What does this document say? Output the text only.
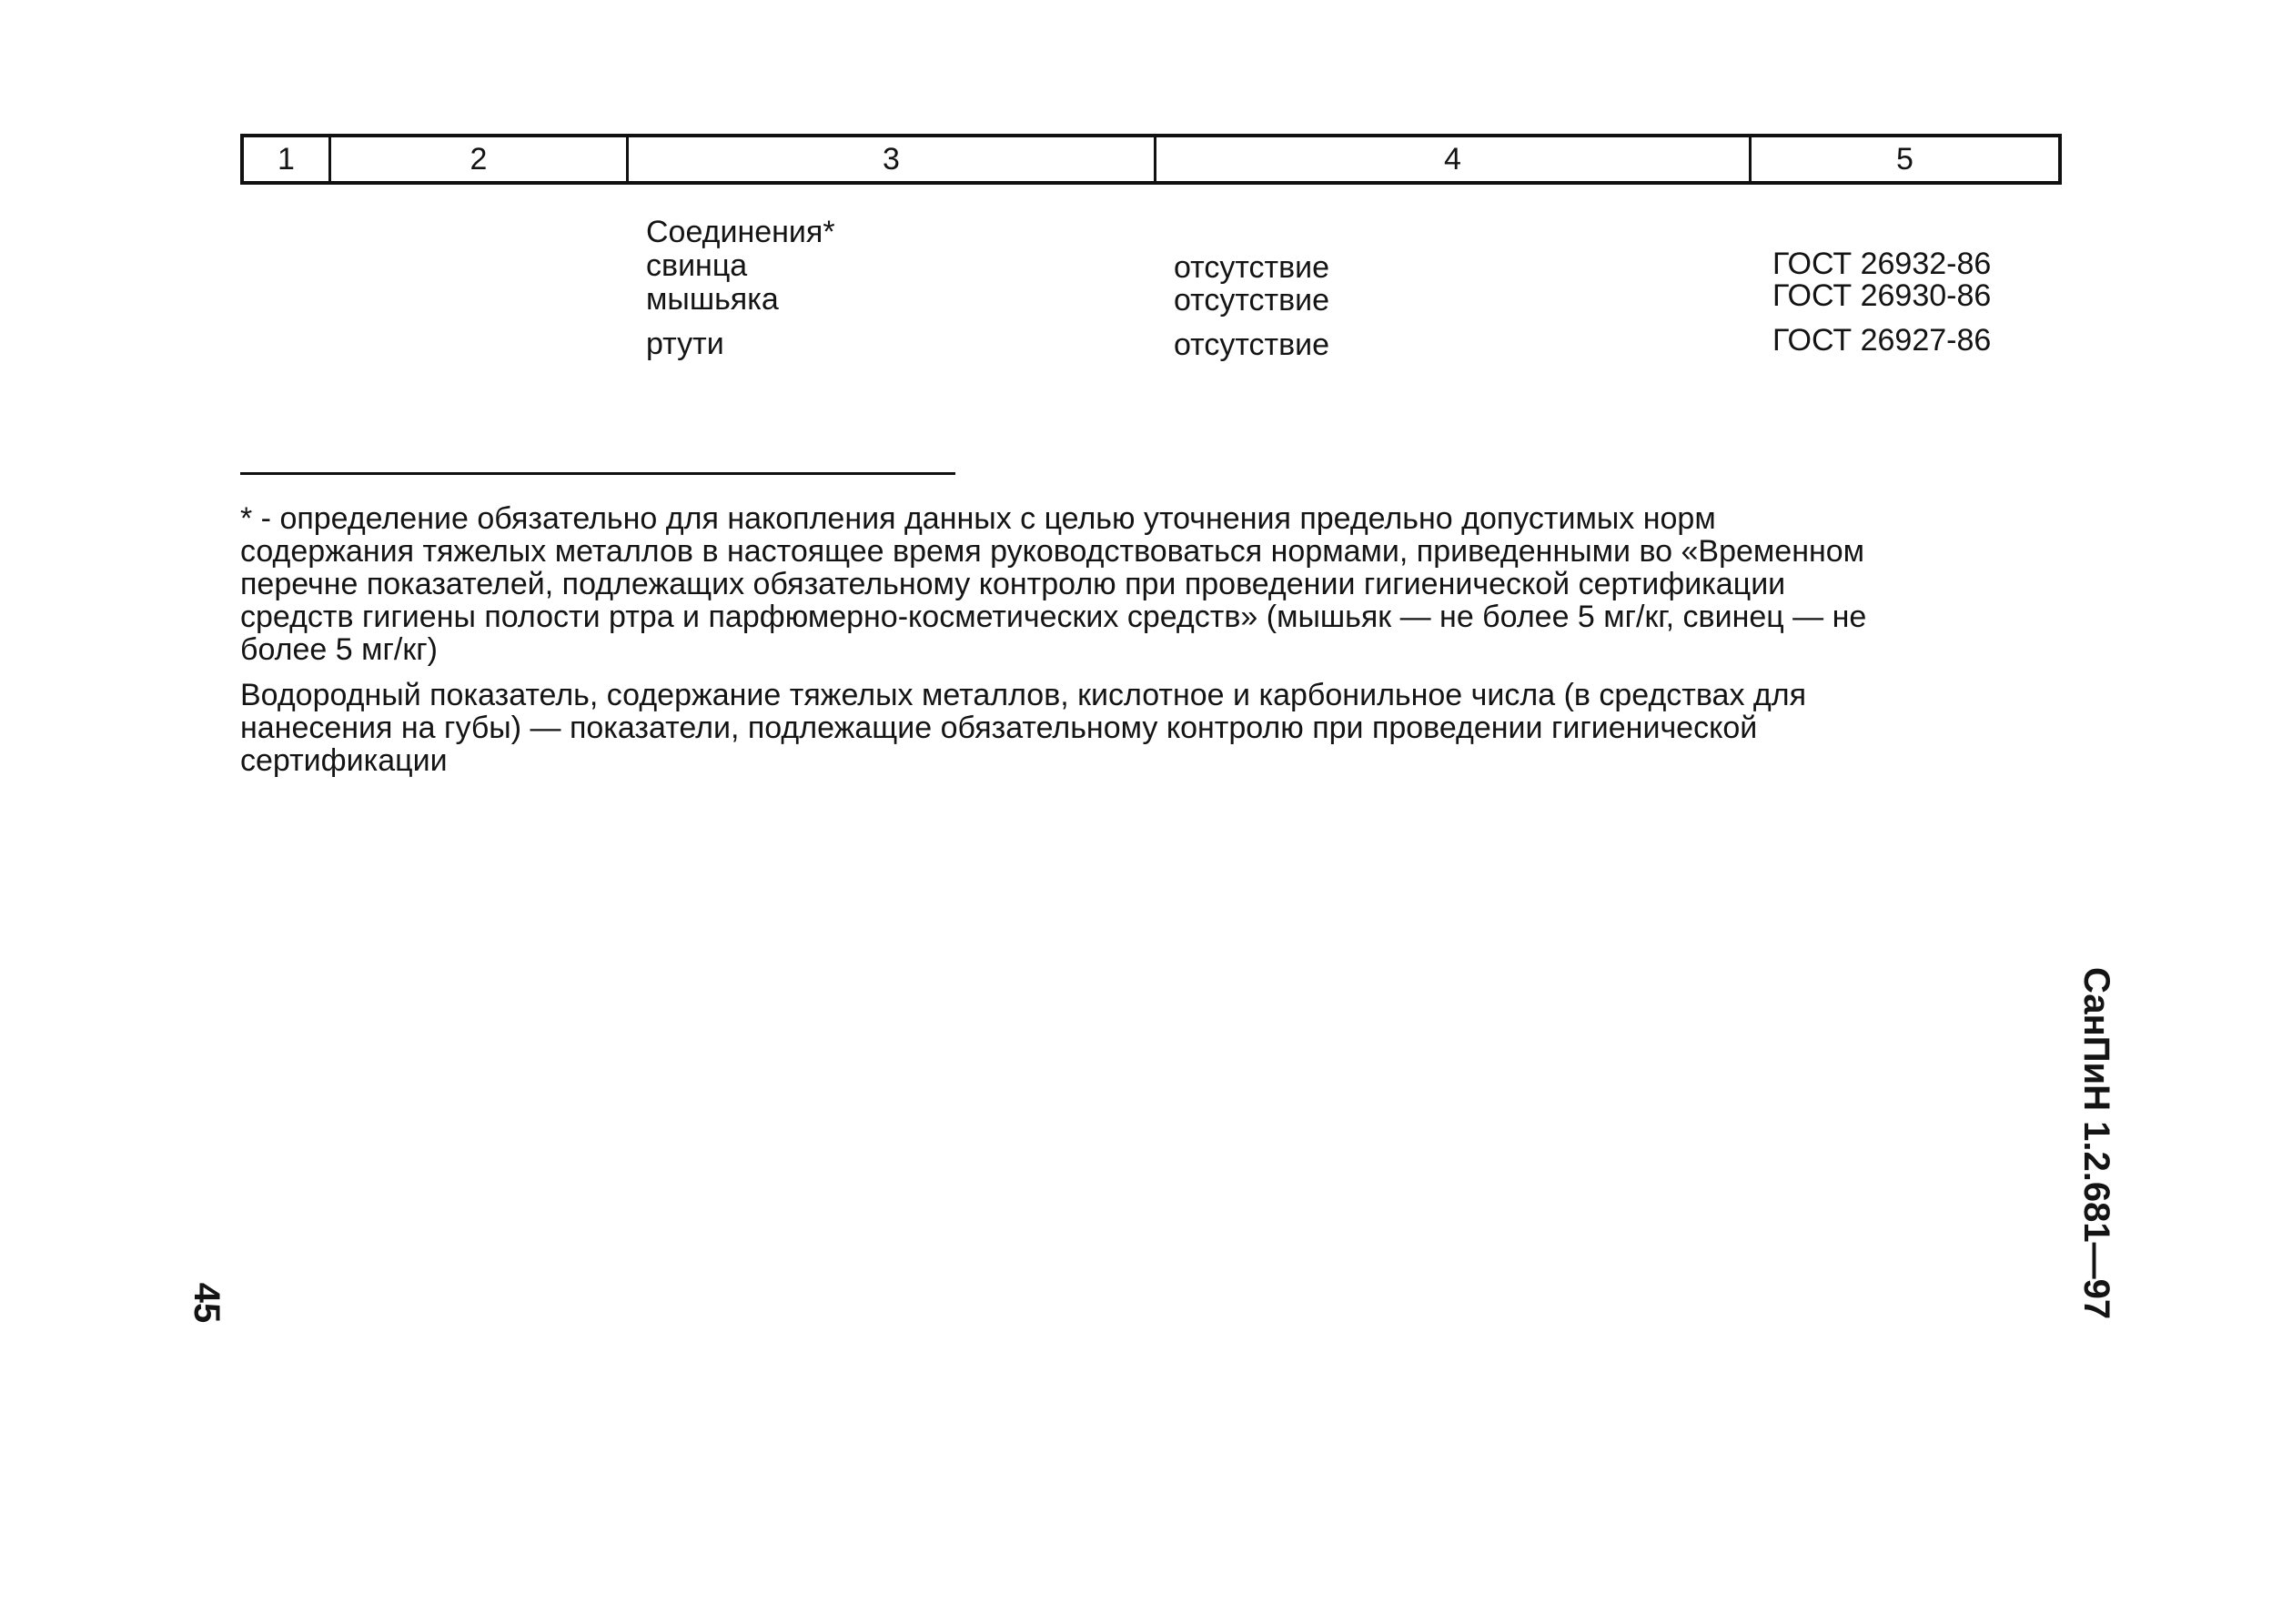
1	2	3	4	5
Соединения*
свинца	отсутствие	ГОСТ 26932-86
мышьяка	отсутствие	ГОСТ 26930-86
ртути	отсутствие	ГОСТ 26927-86

* - определение обязательно для накопления данных с целью уточнения предельно допустимых норм

содержания тяжелых металлов в настоящее время руководствоваться нормами, приведенными во «Временном

перечне показателей, подлежащих обязательному контролю при проведении гигиенической сертификации

средств гигиены полости ртра и парфюмерно-косметических средств» (мышьяк — не более 5 мг/кг, свинец — не

более 5 мг/кг)

Водородный показатель, содержание тяжелых металлов, кислотное и карбонильное числа (в средствах для

нанесения на губы) — показатели, подлежащие обязательному контролю при проведении гигиенической

сертификации

45	СанПиН 1.2.681—97
